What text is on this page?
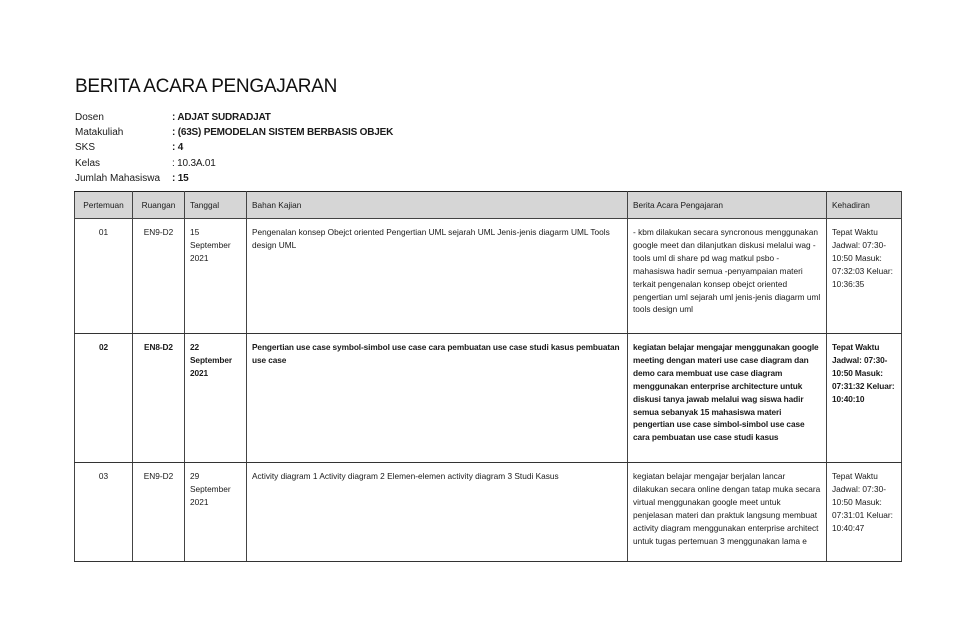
BERITA ACARA PENGAJARAN
Dosen	: ADJAT SUDRADJAT
Matakuliah	: (63S) PEMODELAN SISTEM BERBASIS OBJEK
SKS	: 4
Kelas	: 10.3A.01
Jumlah Mahasiswa	: 15
Pertemuan	Ruangan	Tanggal	Bahan Kajian	Berita Acara Pengajaran	Kehadiran
01	EN9-D2	15 September 2021	Pengenalan konsep Obejct oriented Pengertian UML sejarah UML Jenis-jenis diagarm UML Tools design UML	- kbm dilakukan secara syncronous menggunakan google meet dan dilanjutkan diskusi melalui wag - tools uml di share pd wag matkul psbo - mahasiswa hadir semua -penyampaian materi terkait pengenalan konsep obejct oriented pengertian uml sejarah uml jenis-jenis diagarm uml tools design uml	Tepat Waktu Jadwal: 07:30-10:50 Masuk: 07:32:03 Keluar: 10:36:35
02	EN8-D2	22 September 2021	Pengertian use case symbol-simbol use case cara pembuatan use case studi kasus pembuatan use case	kegiatan belajar mengajar menggunakan google meeting dengan materi use case diagram dan demo cara membuat use case diagram menggunakan enterprise architecture untuk diskusi tanya jawab melalui wag siswa hadir semua sebanyak 15 mahasiswa materi pengertian use case simbol-simbol use case cara pembuatan use case studi kasus	Tepat Waktu Jadwal: 07:30-10:50 Masuk: 07:31:32 Keluar: 10:40:10
03	EN9-D2	29 September 2021	Activity diagram 1 Activity diagram 2 Elemen-elemen activity diagram 3 Studi Kasus	kegiatan belajar mengajar berjalan lancar dilakukan secara online dengan tatap muka secara virtual menggunakan google meet untuk penjelasan materi dan praktuk langsung membuat activity diagram menggunakan enterprise architect untuk tugas pertemuan 3 menggunakan lama e	Tepat Waktu Jadwal: 07:30-10:50 Masuk: 07:31:01 Keluar: 10:40:47
